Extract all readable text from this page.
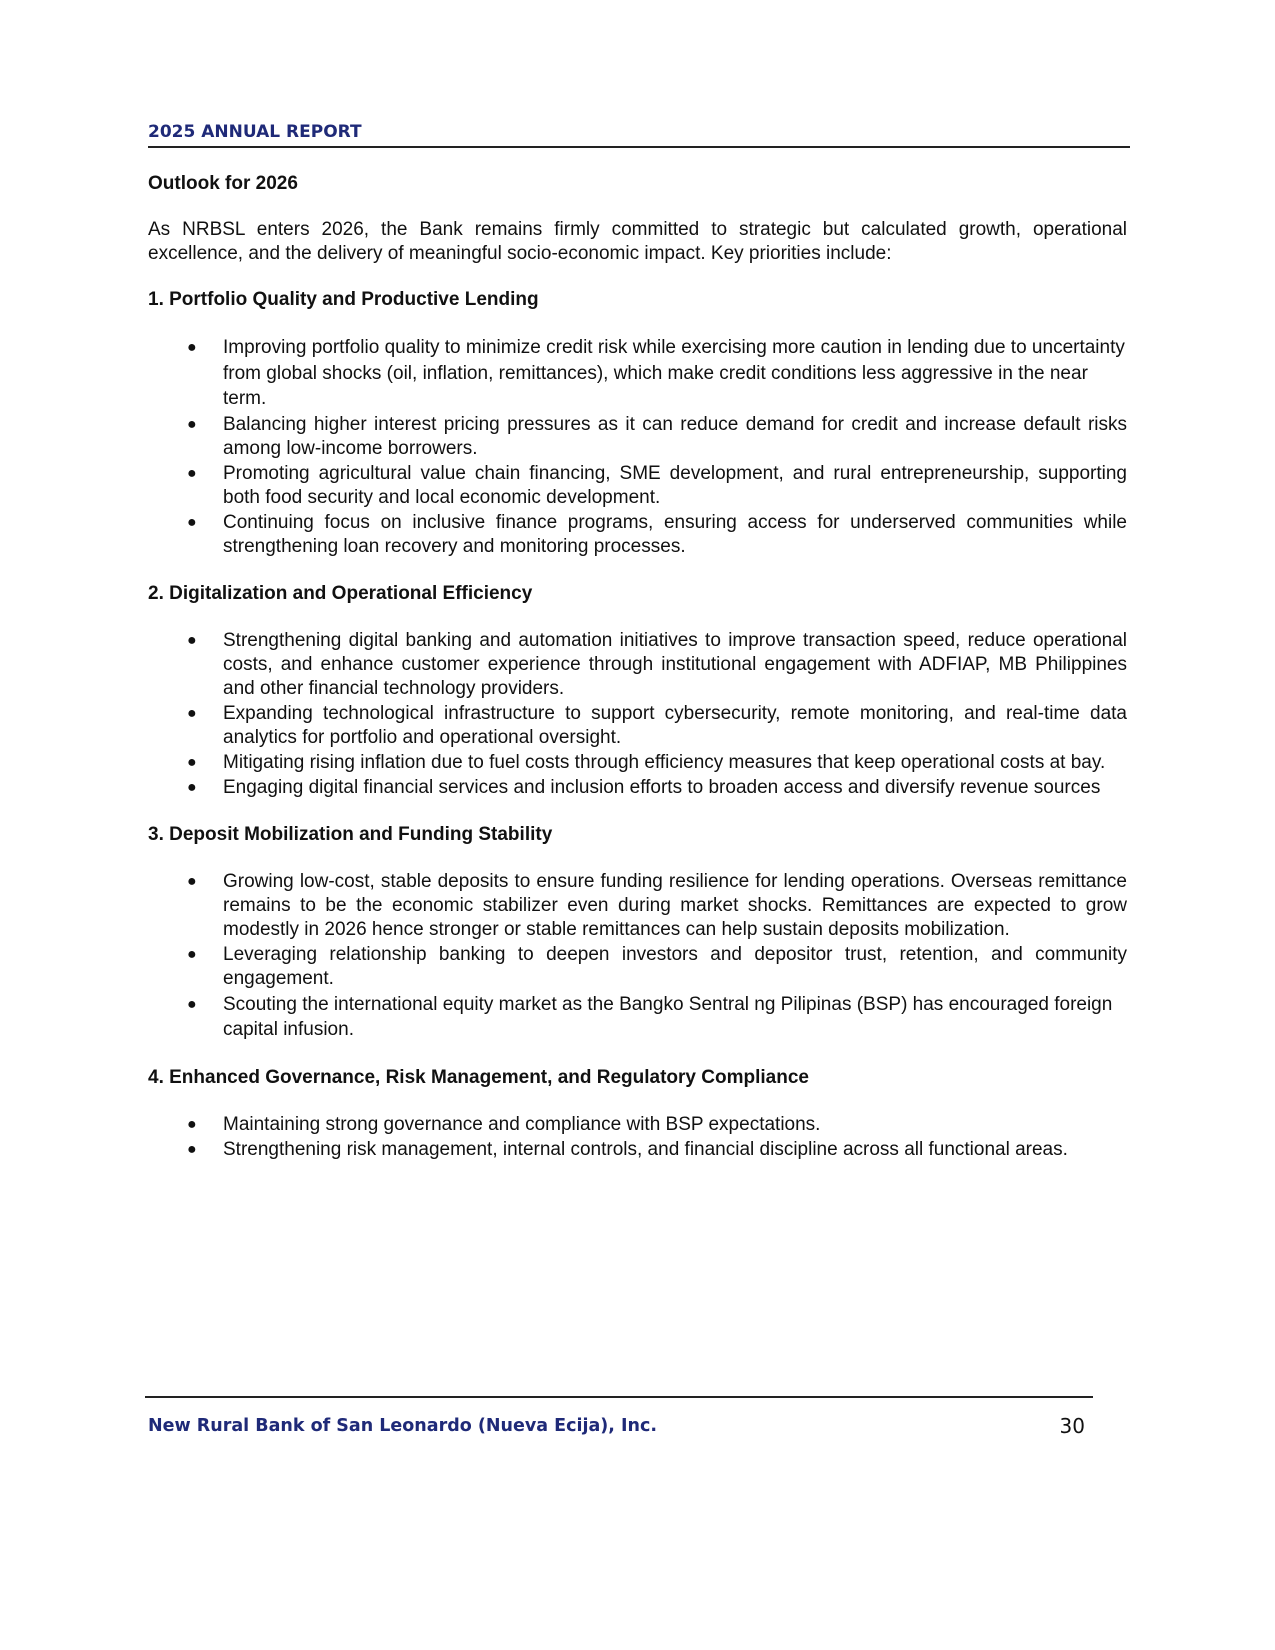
2025 ANNUAL REPORT
Outlook for 2026

As NRBSL enters 2026, the Bank remains firmly committed to strategic but calculated growth, operational excellence, and the delivery of meaningful socio-economic impact. Key priorities include:

1. Portfolio Quality and Productive Lending
● Improving portfolio quality to minimize credit risk while exercising more caution in lending due to uncertainty from global shocks (oil, inflation, remittances), which make credit conditions less aggressive in the near term.
● Balancing higher interest pricing pressures as it can reduce demand for credit and increase default risks among low-income borrowers.
● Promoting agricultural value chain financing, SME development, and rural entrepreneurship, supporting both food security and local economic development.
● Continuing focus on inclusive finance programs, ensuring access for underserved communities while strengthening loan recovery and monitoring processes.
2. Digitalization and Operational Efficiency
● Strengthening digital banking and automation initiatives to improve transaction speed, reduce operational costs, and enhance customer experience through institutional engagement with ADFIAP, MB Philippines and other financial technology providers.
● Expanding technological infrastructure to support cybersecurity, remote monitoring, and real-time data analytics for portfolio and operational oversight.
● Mitigating rising inflation due to fuel costs through efficiency measures that keep operational costs at bay.
● Engaging digital financial services and inclusion efforts to broaden access and diversify revenue sources
3. Deposit Mobilization and Funding Stability
● Growing low-cost, stable deposits to ensure funding resilience for lending operations. Overseas remittance remains to be the economic stabilizer even during market shocks. Remittances are expected to grow modestly in 2026 hence stronger or stable remittances can help sustain deposits mobilization.
● Leveraging relationship banking to deepen investors and depositor trust, retention, and community engagement.
● Scouting the international equity market as the Bangko Sentral ng Pilipinas (BSP) has encouraged foreign capital infusion.
4. Enhanced Governance, Risk Management, and Regulatory Compliance
● Maintaining strong governance and compliance with BSP expectations.
● Strengthening risk management, internal controls, and financial discipline across all functional areas.
New Rural Bank of San Leonardo (Nueva Ecija), Inc.	30
